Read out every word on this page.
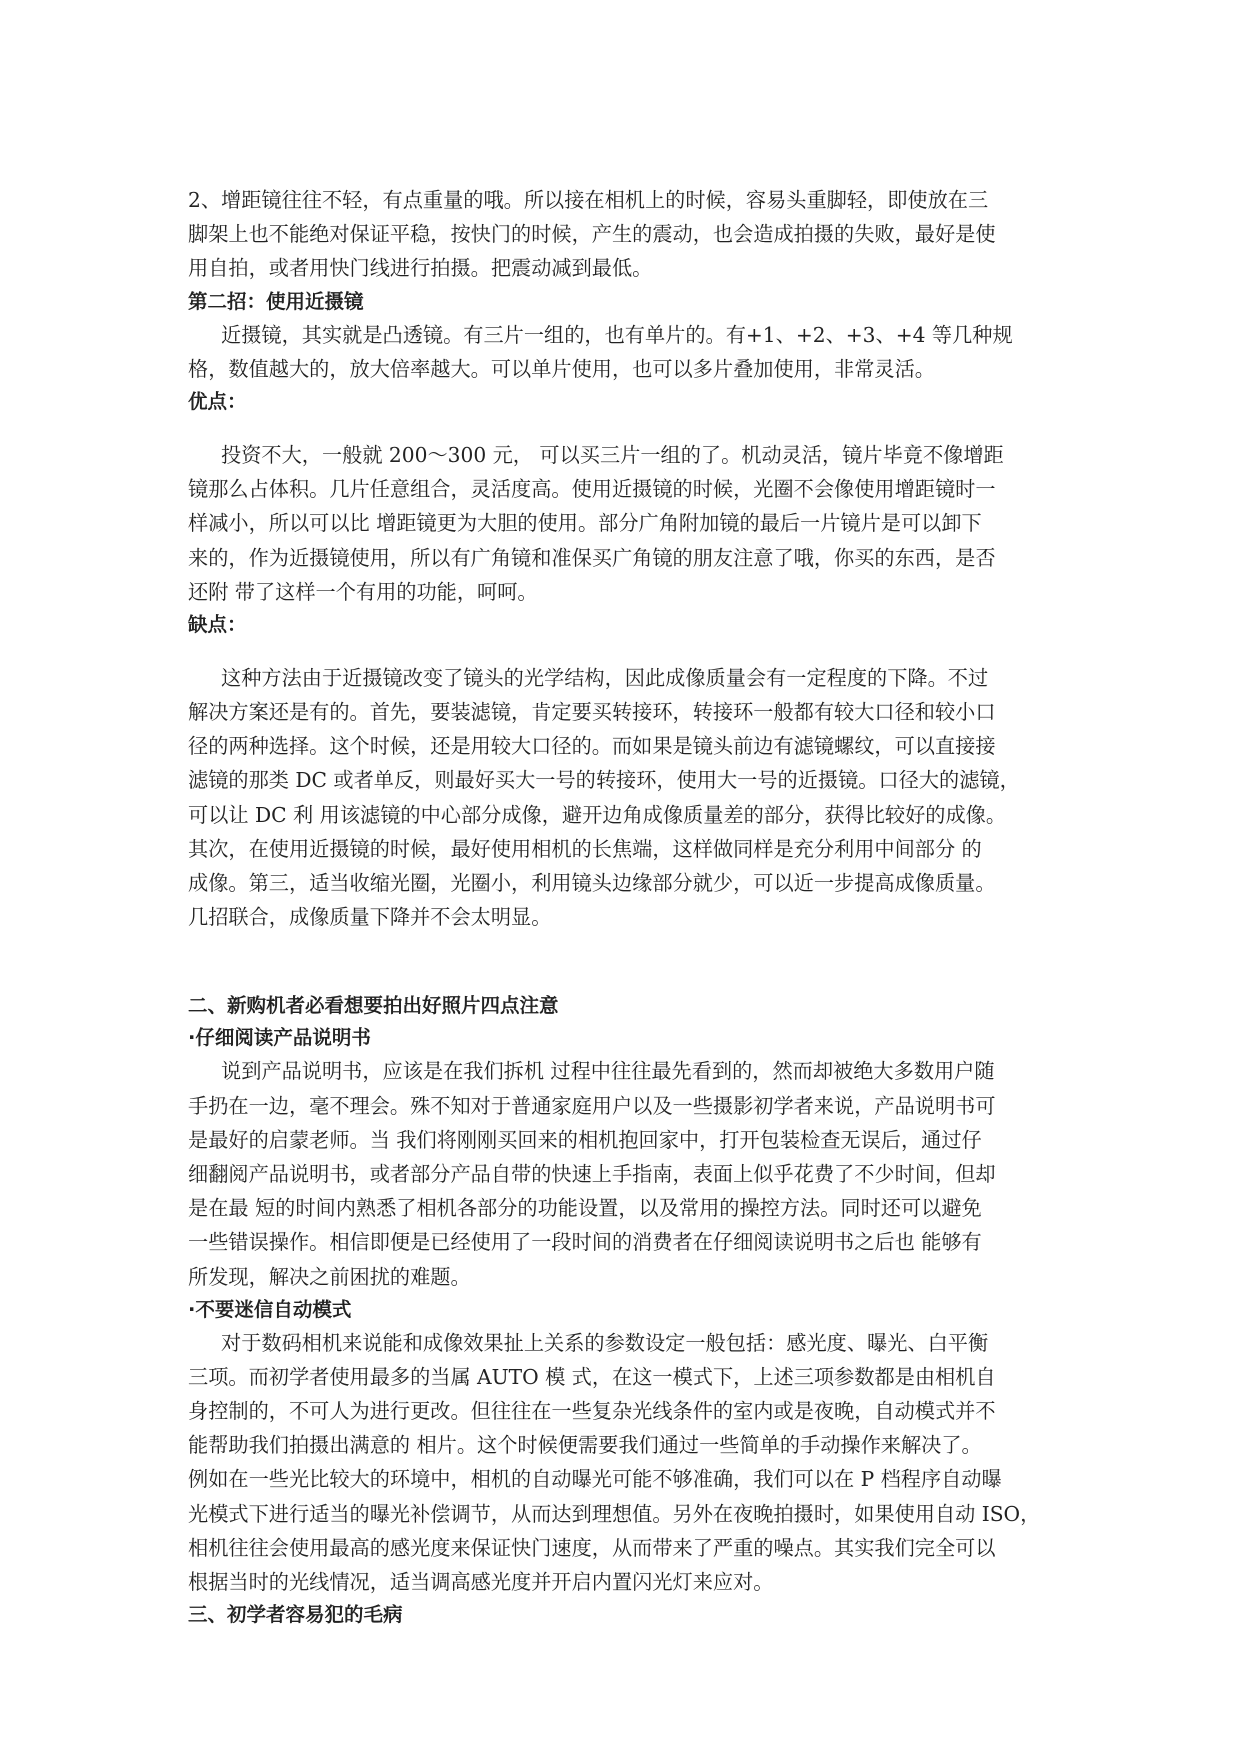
2、增距镜往往不轻，有点重量的哦。所以接在相机上的时候，容易头重脚轻，即使放在三
脚架上也不能绝对保证平稳，按快门的时候，产生的震动，也会造成拍摄的失败，最好是使
用自拍，或者用快门线进行拍摄。把震动减到最低。
第二招：使用近摄镜
近摄镜，其实就是凸透镜。有三片一组的，也有单片的。有+1、+2、+3、+4 等几种规
格，数值越大的，放大倍率越大。可以单片使用，也可以多片叠加使用，非常灵活。
优点：
投资不大，一般就 200～300 元， 可以买三片一组的了。机动灵活，镜片毕竟不像增距
镜那么占体积。几片任意组合，灵活度高。使用近摄镜的时候，光圈不会像使用增距镜时一
样减小，所以可以比 增距镜更为大胆的使用。部分广角附加镜的最后一片镜片是可以卸下
来的，作为近摄镜使用，所以有广角镜和准保买广角镜的朋友注意了哦，你买的东西，是否
还附 带了这样一个有用的功能，呵呵。
缺点：
这种方法由于近摄镜改变了镜头的光学结构，因此成像质量会有一定程度的下降。不过
解决方案还是有的。首先，要装滤镜，肯定要买转接环，转接环一般都有较大口径和较小口
径的两种选择。这个时候，还是用较大口径的。而如果是镜头前边有滤镜螺纹，可以直接接
滤镜的那类 DC 或者单反，则最好买大一号的转接环，使用大一号的近摄镜。口径大的滤镜，
可以让 DC 利 用该滤镜的中心部分成像，避开边角成像质量差的部分，获得比较好的成像。
其次，在使用近摄镜的时候，最好使用相机的长焦端，这样做同样是充分利用中间部分 的
成像。第三，适当收缩光圈，光圈小，利用镜头边缘部分就少，可以近一步提高成像质量。
几招联合，成像质量下降并不会太明显。
二、新购机者必看想要拍出好照片四点注意
·仔细阅读产品说明书
说到产品说明书，应该是在我们拆机 过程中往往最先看到的，然而却被绝大多数用户随
手扔在一边，毫不理会。殊不知对于普通家庭用户以及一些摄影初学者来说，产品说明书可
是最好的启蒙老师。当 我们将刚刚买回来的相机抱回家中，打开包装检查无误后，通过仔
细翻阅产品说明书，或者部分产品自带的快速上手指南，表面上似乎花费了不少时间，但却
是在最 短的时间内熟悉了相机各部分的功能设置，以及常用的操控方法。同时还可以避免
一些错误操作。相信即便是已经使用了一段时间的消费者在仔细阅读说明书之后也 能够有
所发现，解决之前困扰的难题。
·不要迷信自动模式
对于数码相机来说能和成像效果扯上关系的参数设定一般包括：感光度、曝光、白平衡
三项。而初学者使用最多的当属 AUTO 模 式，在这一模式下，上述三项参数都是由相机自
身控制的，不可人为进行更改。但往往在一些复杂光线条件的室内或是夜晚，自动模式并不
能帮助我们拍摄出满意的 相片。这个时候便需要我们通过一些简单的手动操作来解决了。
例如在一些光比较大的环境中，相机的自动曝光可能不够准确，我们可以在 P 档程序自动曝
光模式下进行适当的曝光补偿调节，从而达到理想值。另外在夜晚拍摄时，如果使用自动 ISO，
相机往往会使用最高的感光度来保证快门速度，从而带来了严重的噪点。其实我们完全可以
根据当时的光线情况，适当调高感光度并开启内置闪光灯来应对。
三、初学者容易犯的毛病
